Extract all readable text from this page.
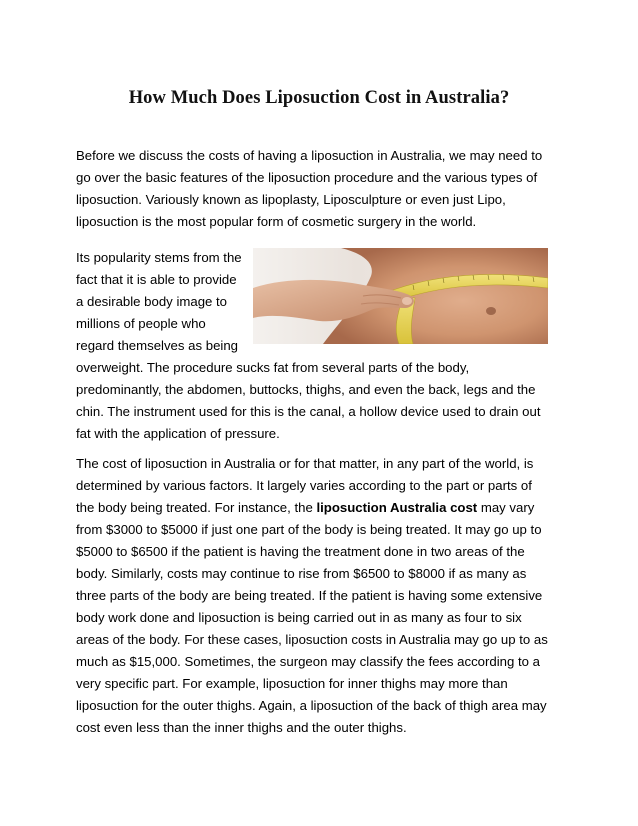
How Much Does Liposuction Cost in Australia?
Before we discuss the costs of having a liposuction in Australia, we may need to
go over the basic features of the liposuction procedure and the various types of
liposuction. Variously known as lipoplasty, Liposculpture or even just Lipo,
liposuction is the most popular form of cosmetic surgery in the world.
Its popularity stems from the
fact that it is able to provide
a desirable body image to
millions of people who
regard themselves as being
overweight. The procedure sucks fat from several parts of the body,
predominantly, the abdomen, buttocks, thighs, and even the back, legs and the
chin. The instrument used for this is the canal, a hollow device used to drain out
fat with the application of pressure.
The cost of liposuction in Australia or for that matter, in any part of the world, is
determined by various factors. It largely varies according to the part or parts of
the body being treated. For instance, the liposuction Australia cost may vary
from $3000 to $5000 if just one part of the body is being treated. It may go up to
$5000 to $6500 if the patient is having the treatment done in two areas of the
body. Similarly, costs may continue to rise from $6500 to $8000 if as many as
three parts of the body are being treated. If the patient is having some extensive
body work done and liposuction is being carried out in as many as four to six
areas of the body. For these cases, liposuction costs in Australia may go up to as
much as $15,000. Sometimes, the surgeon may classify the fees according to a
very specific part. For example, liposuction for inner thighs may more than
liposuction for the outer thighs. Again, a liposuction of the back of thigh area may
cost even less than the inner thighs and the outer thighs.
